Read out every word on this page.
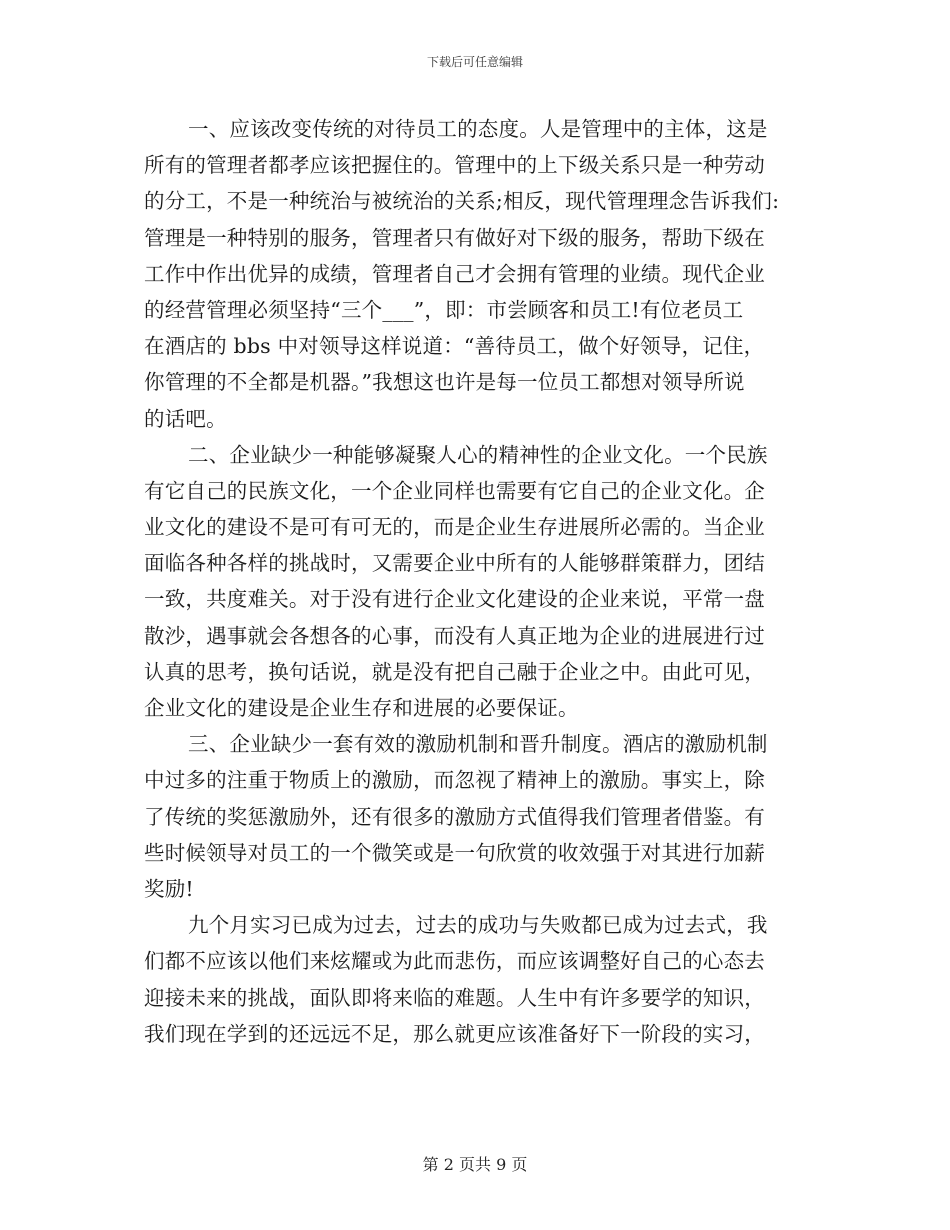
下载后可任意编辑
一、应该改变传统的对待员工的态度。人是管理中的主体，这是
所有的管理者都孝应该把握住的。管理中的上下级关系只是一种劳动
的分工，不是一种统治与被统治的关系;相反，现代管理理念告诉我们:
管理是一种特别的服务，管理者只有做好对下级的服务，帮助下级在
工作中作出优异的成绩，管理者自己才会拥有管理的业绩。现代企业
的经营管理必须坚持“三个___”，即：市尝顾客和员工!有位老员工
在酒店的 bbs 中对领导这样说道：“善待员工，做个好领导，记住，
你管理的不全都是机器。”我想这也许是每一位员工都想对领导所说
的话吧。
二、企业缺少一种能够凝聚人心的精神性的企业文化。一个民族
有它自己的民族文化，一个企业同样也需要有它自己的企业文化。企
业文化的建设不是可有可无的，而是企业生存进展所必需的。当企业
面临各种各样的挑战时，又需要企业中所有的人能够群策群力，团结
一致，共度难关。对于没有进行企业文化建设的企业来说，平常一盘
散沙，遇事就会各想各的心事，而没有人真正地为企业的进展进行过
认真的思考，换句话说，就是没有把自己融于企业之中。由此可见，
企业文化的建设是企业生存和进展的必要保证。
三、企业缺少一套有效的激励机制和晋升制度。酒店的激励机制
中过多的注重于物质上的激励，而忽视了精神上的激励。事实上，除
了传统的奖惩激励外，还有很多的激励方式值得我们管理者借鉴。有
些时候领导对员工的一个微笑或是一句欣赏的收效强于对其进行加薪
奖励!
九个月实习已成为过去，过去的成功与失败都已成为过去式，我
们都不应该以他们来炫耀或为此而悲伤，而应该调整好自己的心态去
迎接未来的挑战，面队即将来临的难题。人生中有许多要学的知识，
我们现在学到的还远远不足，那么就更应该准备好下一阶段的实习，
第 2 页共 9 页
